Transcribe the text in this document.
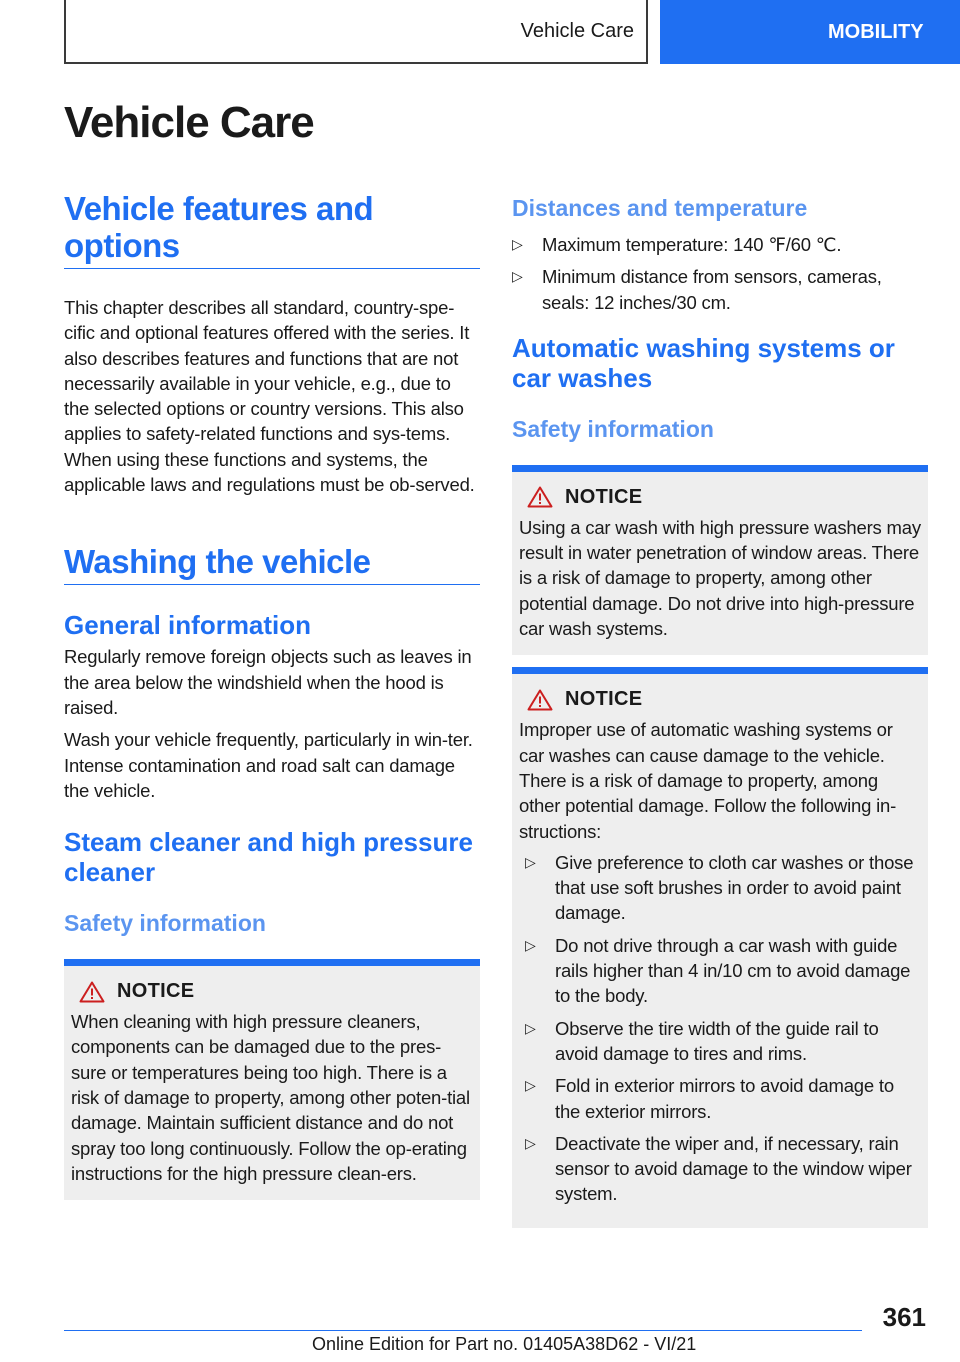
Vehicle Care	MOBILITY
Vehicle Care
Vehicle features and options

This chapter describes all standard, country-spe-cific and optional features offered with the series. It also describes features and functions that are not necessarily available in your vehicle, e.g., due to the selected options or country versions. This also applies to safety-related functions and sys-tems. When using these functions and systems, the applicable laws and regulations must be ob-served.

Washing the vehicle
General information

Regularly remove foreign objects such as leaves in the area below the windshield when the hood is raised.

Wash your vehicle frequently, particularly in win-ter. Intense contamination and road salt can damage the vehicle.

Steam cleaner and high pressure cleaner
Safety information
NOTICE

When cleaning with high pressure cleaners, components can be damaged due to the pres-sure or temperatures being too high. There is a risk of damage to property, among other poten-tial damage. Maintain sufficient distance and do not spray too long continuously. Follow the op-erating instructions for the high pressure clean-ers.

Distances and temperature
▷ Maximum temperature: 140 ℉/60 ℃.
▷ Minimum distance from sensors, cameras, seals: 12 inches/30 cm.
Automatic washing systems or car washes
Safety information
NOTICE

Using a car wash with high pressure washers may result in water penetration of window areas. There is a risk of damage to property, among other potential damage. Do not drive into high-pressure car wash systems.

NOTICE

Improper use of automatic washing systems or car washes can cause damage to the vehicle. There is a risk of damage to property, among other potential damage. Follow the following in-structions:

▷ Give preference to cloth car washes or those that use soft brushes in order to avoid paint damage.
▷ Do not drive through a car wash with guide rails higher than 4 in/10 cm to avoid damage to the body.
▷ Observe the tire width of the guide rail to avoid damage to tires and rims.
▷ Fold in exterior mirrors to avoid damage to the exterior mirrors.
▷ Deactivate the wiper and, if necessary, rain sensor to avoid damage to the window wiper system.
361
Online Edition for Part no. 01405A38D62 - VI/21
